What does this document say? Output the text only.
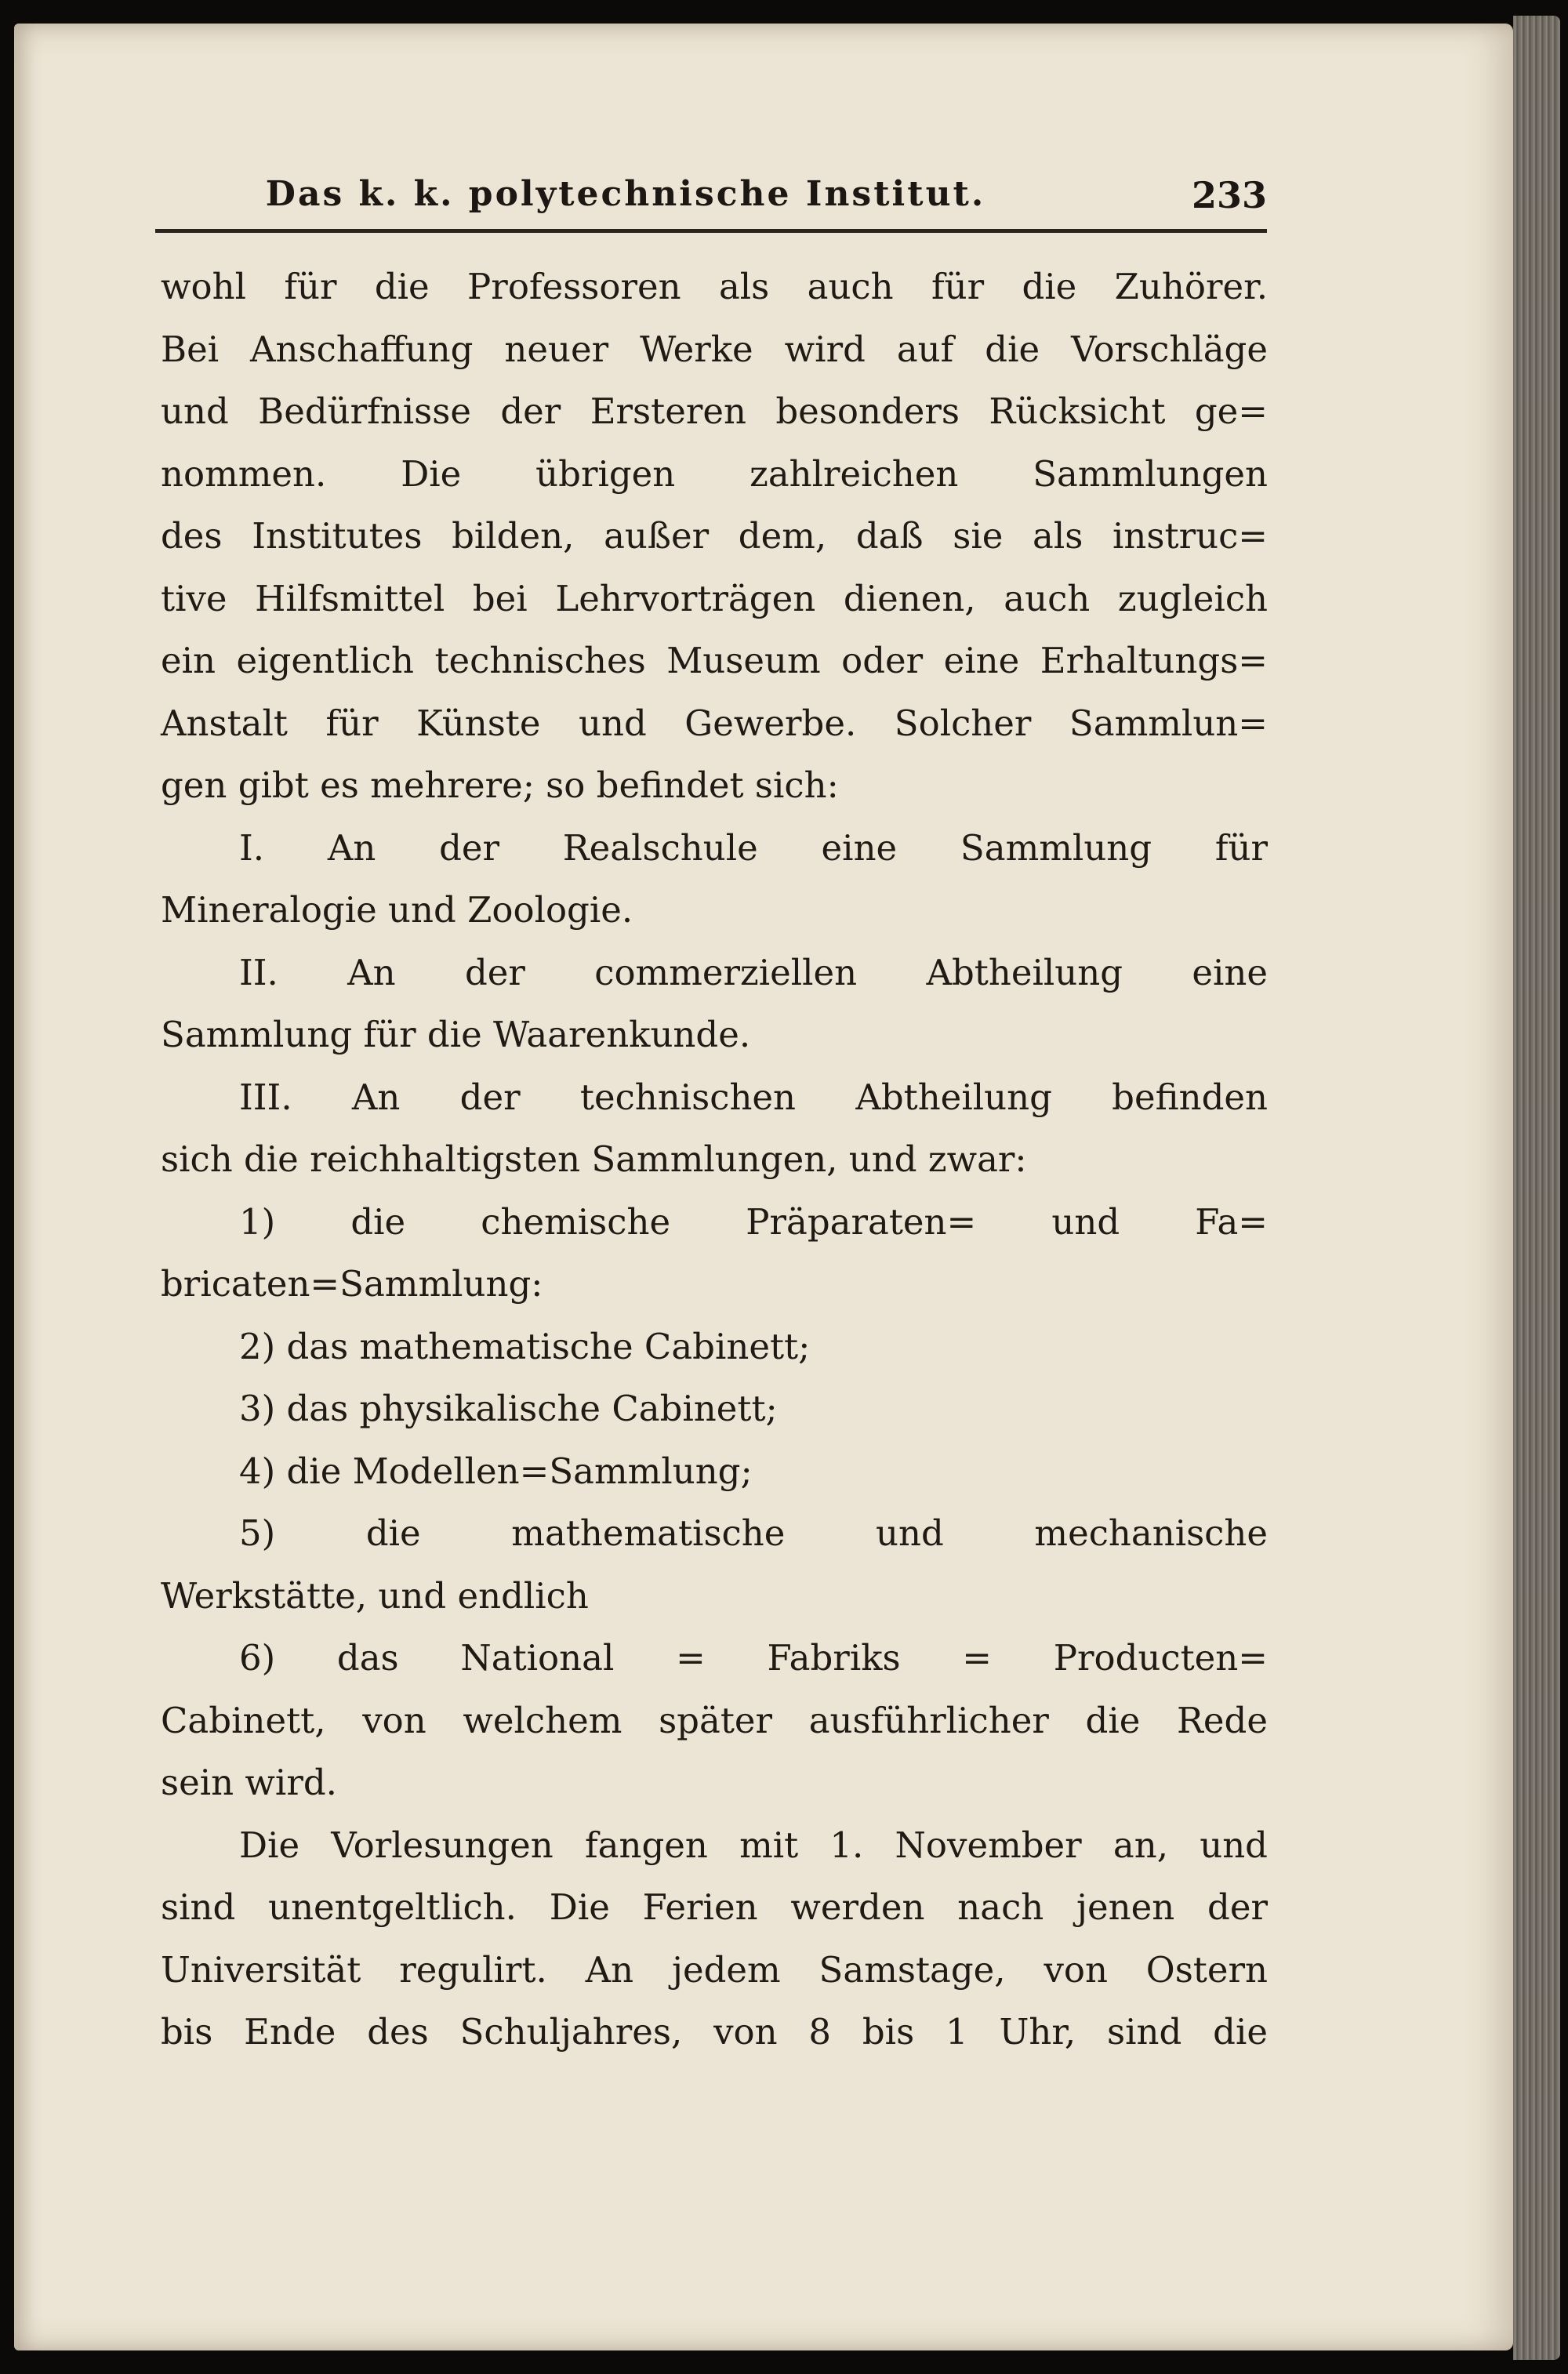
Das k. k. polytechnische Institut.	233
wohl für die Professoren als auch für die Zuhörer.
Bei Anschaffung neuer Werke wird auf die Vorschläge
und Bedürfnisse der Ersteren besonders Rücksicht ge=
nommen. Die übrigen zahlreichen Sammlungen
des Institutes bilden, außer dem, daß sie als instruc=
tive Hilfsmittel bei Lehrvorträgen dienen, auch zugleich
ein eigentlich technisches Museum oder eine Erhaltungs=
Anstalt für Künste und Gewerbe. Solcher Sammlun=
gen gibt es mehrere; so befindet sich:
I. An der Realschule eine Sammlung für
Mineralogie und Zoologie.
II. An der commerziellen Abtheilung eine
Sammlung für die Waarenkunde.
III. An der technischen Abtheilung befinden
sich die reichhaltigsten Sammlungen, und zwar:
1) die chemische Präparaten= und Fa=
bricaten=Sammlung:
2) das mathematische Cabinett;
3) das physikalische Cabinett;
4) die Modellen=Sammlung;
5) die mathematische und mechanische
Werkstätte, und endlich
6) das National = Fabriks = Producten=
Cabinett, von welchem später ausführlicher die Rede
sein wird.
Die Vorlesungen fangen mit 1. November an, und
sind unentgeltlich. Die Ferien werden nach jenen der
Universität regulirt. An jedem Samstage, von Ostern
bis Ende des Schuljahres, von 8 bis 1 Uhr, sind die
